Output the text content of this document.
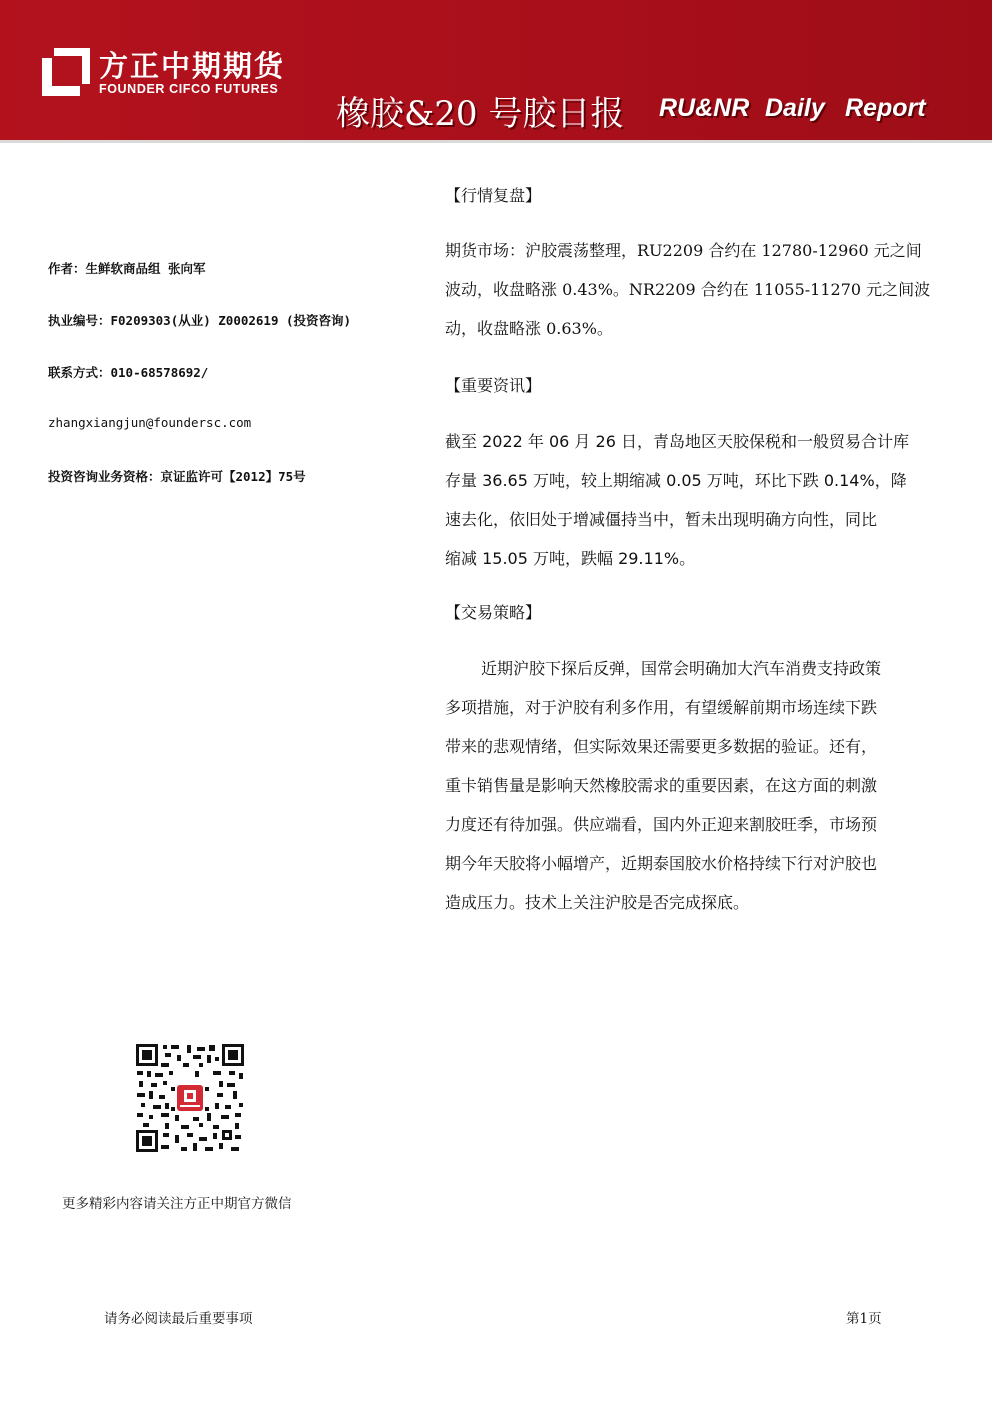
方正中期期货
FOUNDER CIFCO FUTURES
橡胶&20 号胶日报 RU&NR Daily Report
作者：生鲜软商品组 张向军
执业编号：F0209303(从业) Z0002619 (投资咨询)
联系方式：010-68578692/
zhangxiangjun@foundersc.com
投资咨询业务资格：京证监许可【2012】75号
【行情复盘】
期货市场：沪胶震荡整理，RU2209 合约在 12780-12960 元之间
波动，收盘略涨 0.43%。NR2209 合约在 11055-11270 元之间波
动，收盘略涨 0.63%。
【重要资讯】
截至 2022 年 06 月 26 日，青岛地区天胶保税和一般贸易合计库
存量 36.65 万吨，较上期缩减 0.05 万吨，环比下跌 0.14%，降
速去化，依旧处于增减僵持当中，暂未出现明确方向性，同比
缩减 15.05 万吨，跌幅 29.11%。
【交易策略】
近期沪胶下探后反弹，国常会明确加大汽车消费支持政策
多项措施，对于沪胶有利多作用，有望缓解前期市场连续下跌
带来的悲观情绪，但实际效果还需要更多数据的验证。还有，
重卡销售量是影响天然橡胶需求的重要因素，在这方面的刺激
力度还有待加强。供应端看，国内外正迎来割胶旺季，市场预
期今年天胶将小幅增产，近期泰国胶水价格持续下行对沪胶也
造成压力。技术上关注沪胶是否完成探底。
更多精彩内容请关注方正中期官方微信
请务必阅读最后重要事项	第1页
